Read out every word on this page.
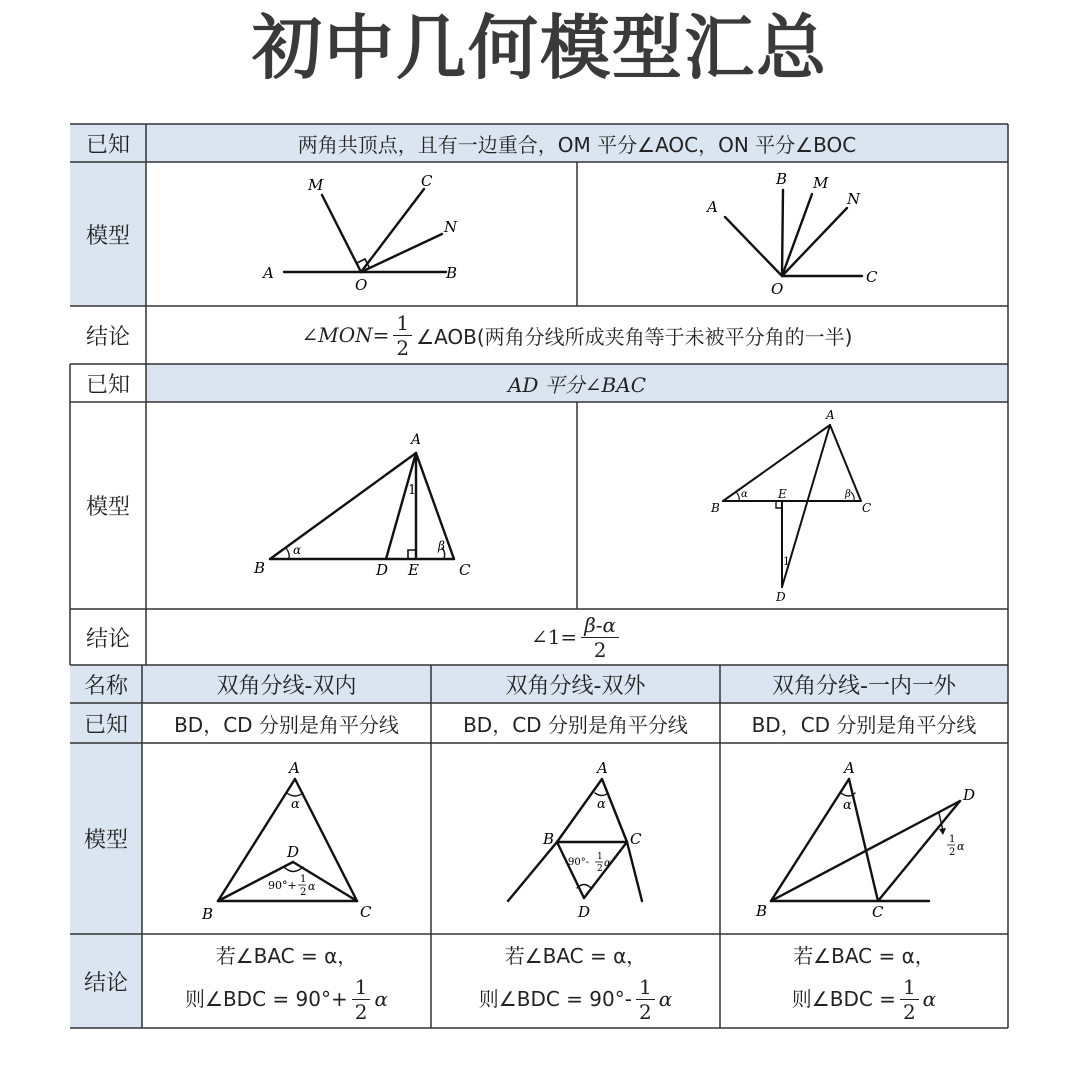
初中几何模型汇总
已知	两角共顶点，且有一边重合，OM 平分∠AOC，ON 平分∠BOC
模型
M	C
N
A
O
B
A
B M
N
O
C
结论	∠MON= $\frac{1}{2}$ ∠AOB(两角分线所成夹角等于未被平分角的一半)
已知	AD 平分∠BAC
模型
A
B	D E	C
1
α	β
A
B
E
C
D
1
α	β
结论	∠1= $\frac{\beta-\alpha}{2}$
名称	双角分线-双内	双角分线-双外	双角分线-一内一外
已知	BD，CD 分别是角平分线	BD，CD 分别是角平分线	BD，CD 分别是角平分线
模型
A
α
D
B	C
90°+ 1
2 α
A
α
B	C
D
90°- 1
2 α
A
α
D
B	C
1
2 α
结论
若∠BAC = α，
则∠BDC = $90^\circ+ \frac{1}{2}$ α
若∠BAC = α，
则∠BDC = $90^\circ- \frac{1}{2}$ α
若∠BAC = α，
则∠BDC = $\frac{1}{2}$ α
